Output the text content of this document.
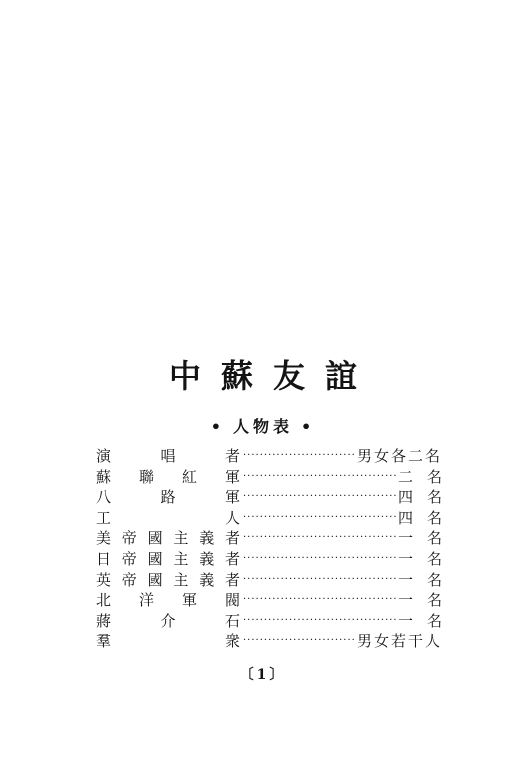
中蘇友誼
• 人物表 •
演	唱	者 ·····	男女各二名
蘇 聯 紅 軍 ·····	二名
八	路	軍 ·····	四名
工	人 ·····	四名
美 帝 國 主 義 者 ·····	一名
日 帝 國 主 義 者 ·····	一名
英 帝 國 主 義 者 ·····	一名
北 洋 軍 閥 ·····	一名
蔣	介	石 ·····	一名
羣	衆 ·····	男女若干人
〔1〕
